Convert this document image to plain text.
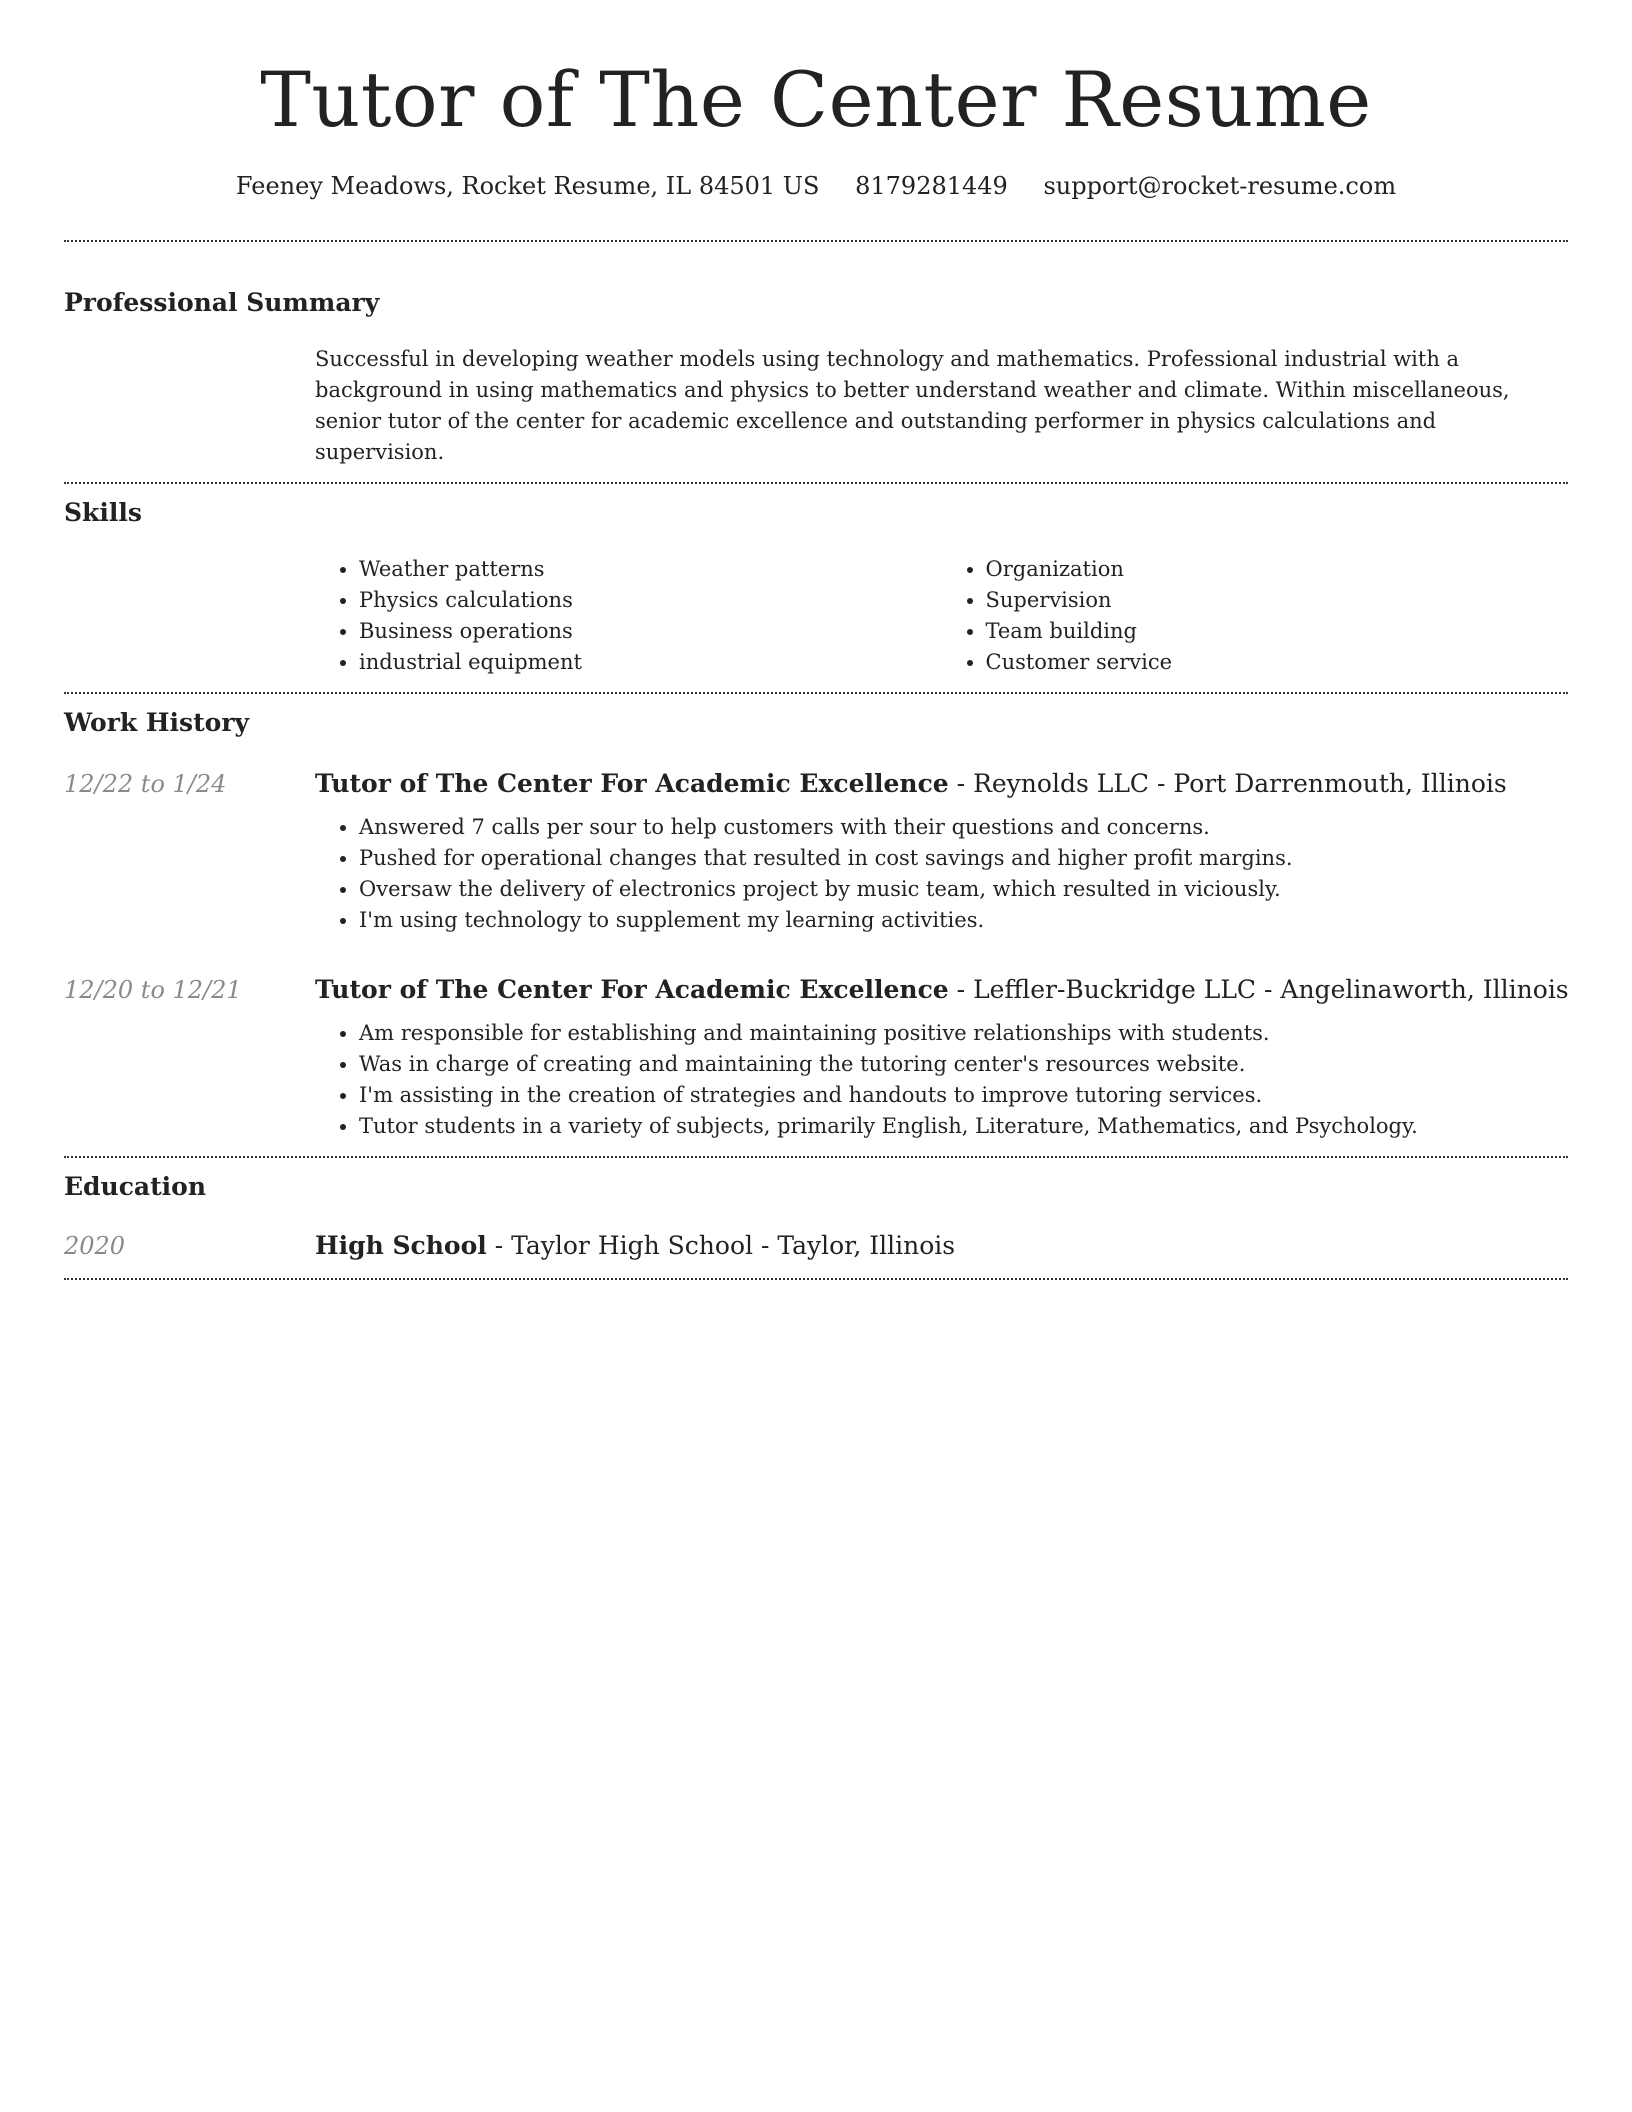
Tutor of The Center Resume
Feeney Meadows, Rocket Resume, IL 84501 US 8179281449 support@rocket-resume.com
Professional Summary

Successful in developing weather models using technology and mathematics. Professional industrial with a background in using mathematics and physics to better understand weather and climate. Within miscellaneous, senior tutor of the center for academic excellence and outstanding performer in physics calculations and supervision.

Skills
• Weather patterns
• Physics calculations
• Business operations
• industrial equipment
• Organization
• Supervision
• Team building
• Customer service
Work History
12/22 to 1/24	Tutor of The Center For Academic Excellence - Reynolds LLC - Port Darrenmouth, Illinois
• Answered 7 calls per sour to help customers with their questions and concerns.
• Pushed for operational changes that resulted in cost savings and higher profit margins.
• Oversaw the delivery of electronics project by music team, which resulted in viciously.
• I'm using technology to supplement my learning activities.
12/20 to 12/21	Tutor of The Center For Academic Excellence - Leffler-Buckridge LLC - Angelinaworth, Illinois
• Am responsible for establishing and maintaining positive relationships with students.
• Was in charge of creating and maintaining the tutoring center's resources website.
• I'm assisting in the creation of strategies and handouts to improve tutoring services.
• Tutor students in a variety of subjects, primarily English, Literature, Mathematics, and Psychology.
Education
2020	High School - Taylor High School - Taylor, Illinois
